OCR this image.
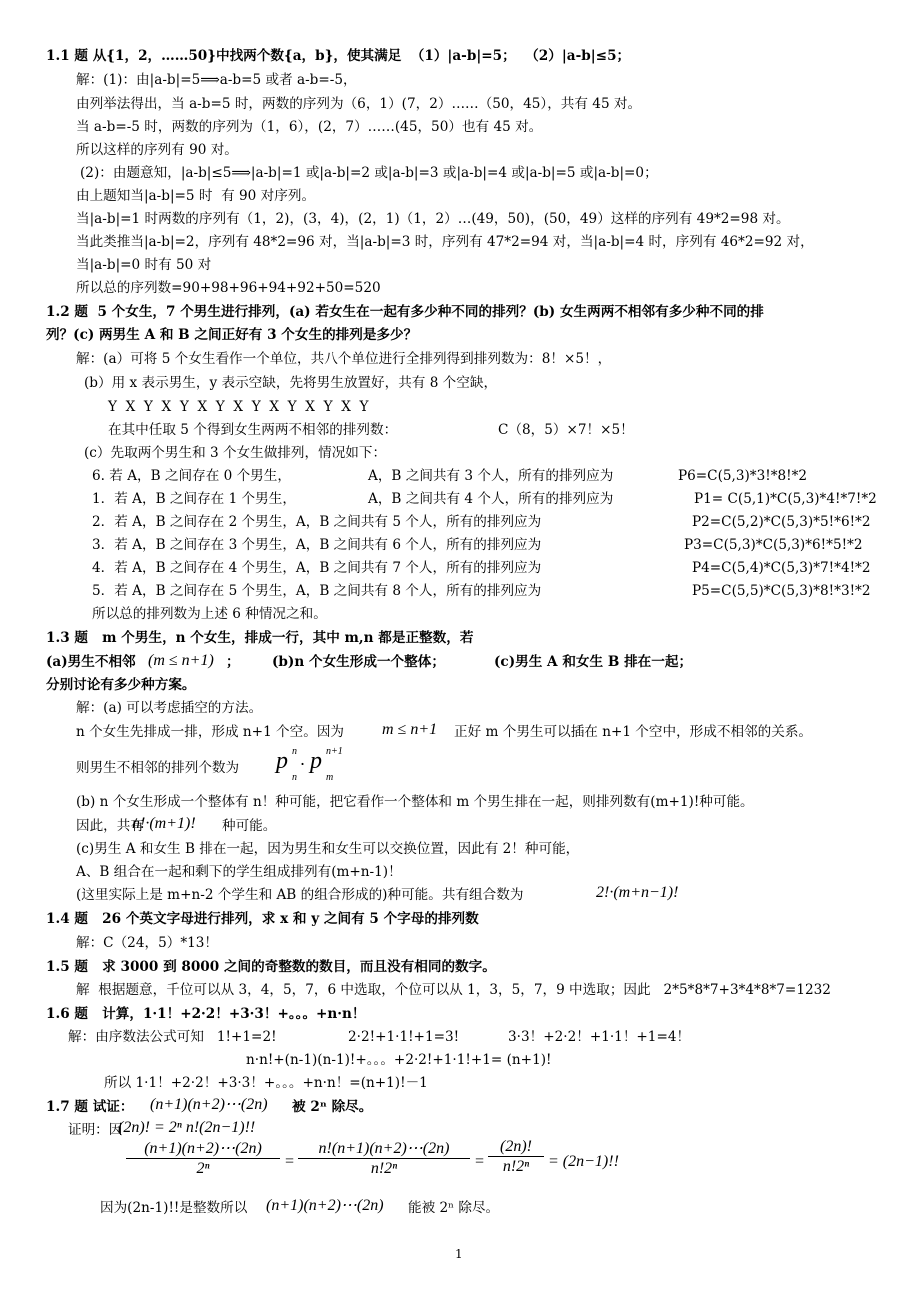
1.1 题 从{1，2，……50}中找两个数{a，b}，使其满足  （1）|a-b|=5；  （2）|a-b|≤5；
解：(1)：由|a-b|=5⟹a-b=5 或者 a-b=-5，
由列举法得出，当 a-b=5 时，两数的序列为（6，1）(7，2）……（50，45），共有 45 对。
当 a-b=-5 时，两数的序列为（1，6），(2，7）……(45，50）也有 45 对。
所以这样的序列有 90 对。
(2)：由题意知，|a-b|≤5⟹|a-b|=1 或|a-b|=2 或|a-b|=3 或|a-b|=4 或|a-b|=5 或|a-b|=0；
由上题知当|a-b|=5 时  有 90 对序列。
当|a-b|=1 时两数的序列有（1，2)，(3，4)，(2，1)（1，2）…(49，50)，(50，49）这样的序列有 49*2=98 对。
当此类推当|a-b|=2，序列有 48*2=96 对，当|a-b|=3 时，序列有 47*2=94 对，当|a-b|=4 时，序列有 46*2=92 对，
当|a-b|=0 时有 50 对
所以总的序列数=90+98+96+94+92+50=520
1.2 题  5 个女生，7 个男生进行排列，(a) 若女生在一起有多少种不同的排列？(b) 女生两两不相邻有多少种不同的排
列？(c) 两男生 A 和 B 之间正好有 3 个女生的排列是多少？
解：(a）可将 5 个女生看作一个单位，共八个单位进行全排列得到排列数为：8！×5！，
(b）用 x 表示男生，y 表示空缺，先将男生放置好，共有 8 个空缺，
Y  X  Y  X  Y  X  Y  X  Y  X  Y  X  Y  X  Y
在其中任取 5 个得到女生两两不相邻的排列数：	C（8，5）×7！×5！
(c）先取两个男生和 3 个女生做排列，情况如下：
6. 若 A，B 之间存在 0 个男生，	A，B 之间共有 3 个人，所有的排列应为	P6=C(5,3)*3!*8!*2
1．若 A，B 之间存在 1 个男生，	A，B 之间共有 4 个人，所有的排列应为	P1= C(5,1)*C(5,3)*4!*7!*2
2．若 A，B 之间存在 2 个男生，A，B 之间共有 5 个人，所有的排列应为	P2=C(5,2)*C(5,3)*5!*6!*2
3．若 A，B 之间存在 3 个男生，A，B 之间共有 6 个人，所有的排列应为	P3=C(5,3)*C(5,3)*6!*5!*2
4．若 A，B 之间存在 4 个男生，A，B 之间共有 7 个人，所有的排列应为	P4=C(5,4)*C(5,3)*7!*4!*2
5．若 A，B 之间存在 5 个男生，A，B 之间共有 8 个人，所有的排列应为	P5=C(5,5)*C(5,3)*8!*3!*2
所以总的排列数为上述 6 种情况之和。
1.3 题   m 个男生，n 个女生，排成一行，其中 m,n 都是正整数，若
(a)男生不相邻 (m ≤ n+1) ； (b)n 个女生形成一个整体；	(c)男生 A 和女生 B 排在一起；
分别讨论有多少种方案。
解：(a) 可以考虑插空的方法。
n 个女生先排成一排，形成 n+1 个空。因为 m ≤ n+1 正好 m 个男生可以插在 n+1 个空中，形成不相邻的关系。
则男生不相邻的排列个数为 p n
n
· p n+1
m
(b) n 个女生形成一个整体有 n！种可能，把它看作一个整体和 m 个男生排在一起，则排列数有(m+1)!种可能。
因此，共有
n!·(m+1)! 种可能。
(c)男生 A 和女生 B 排在一起，因为男生和女生可以交换位置，因此有 2！种可能，
A、B 组合在一起和剩下的学生组成排列有(m+n-1)！
(这里实际上是 m+n-2 个学生和 AB 的组合形成的)种可能。共有组合数为	2!·(m+n−1)!
1.4 题   26 个英文字母进行排列，求 x 和 y 之间有 5 个字母的排列数
解：C（24，5）*13！
1.5 题   求 3000 到 8000 之间的奇整数的数目，而且没有相同的数字。
解  根据题意，千位可以从 3，4，5，7，6 中选取，个位可以从 1，3，5，7，9 中选取；因此   2*5*8*7+3*4*8*7=1232
1.6 题   计算，1·1！+2·2！+3·3！+。。。+n·n！
解：由序数法公式可知   1!+1=2!	2·2!+1·1!+1=3!	3·3！+2·2！+1·1！+1=4！
n·n!+(n-1)(n-1)!+。。。+2·2!+1·1!+1= (n+1)!
所以 1·1！+2·2！+3·3！+。。。+n·n！=(n+1)!－1
1.7 题 试证： (n+1)(n+2)⋯(2n) 被 2ⁿ 除尽。
证明：因
(2n)! = 2ⁿ n!(2n−1)!!
$\frac{(n+1)(n+2)\cdots(2n)}{\text{2ⁿ}} = \frac{n!(n+1)(n+2)\cdots(2n)}{\text{n!2ⁿ}} = \frac{(2n)!}{\text{n!2ⁿ}} = (2n-1)$!!
因为(2n-1)!!是整数所以 (n+1)(n+2)⋯(2n) 能被 2ⁿ 除尽。
1
